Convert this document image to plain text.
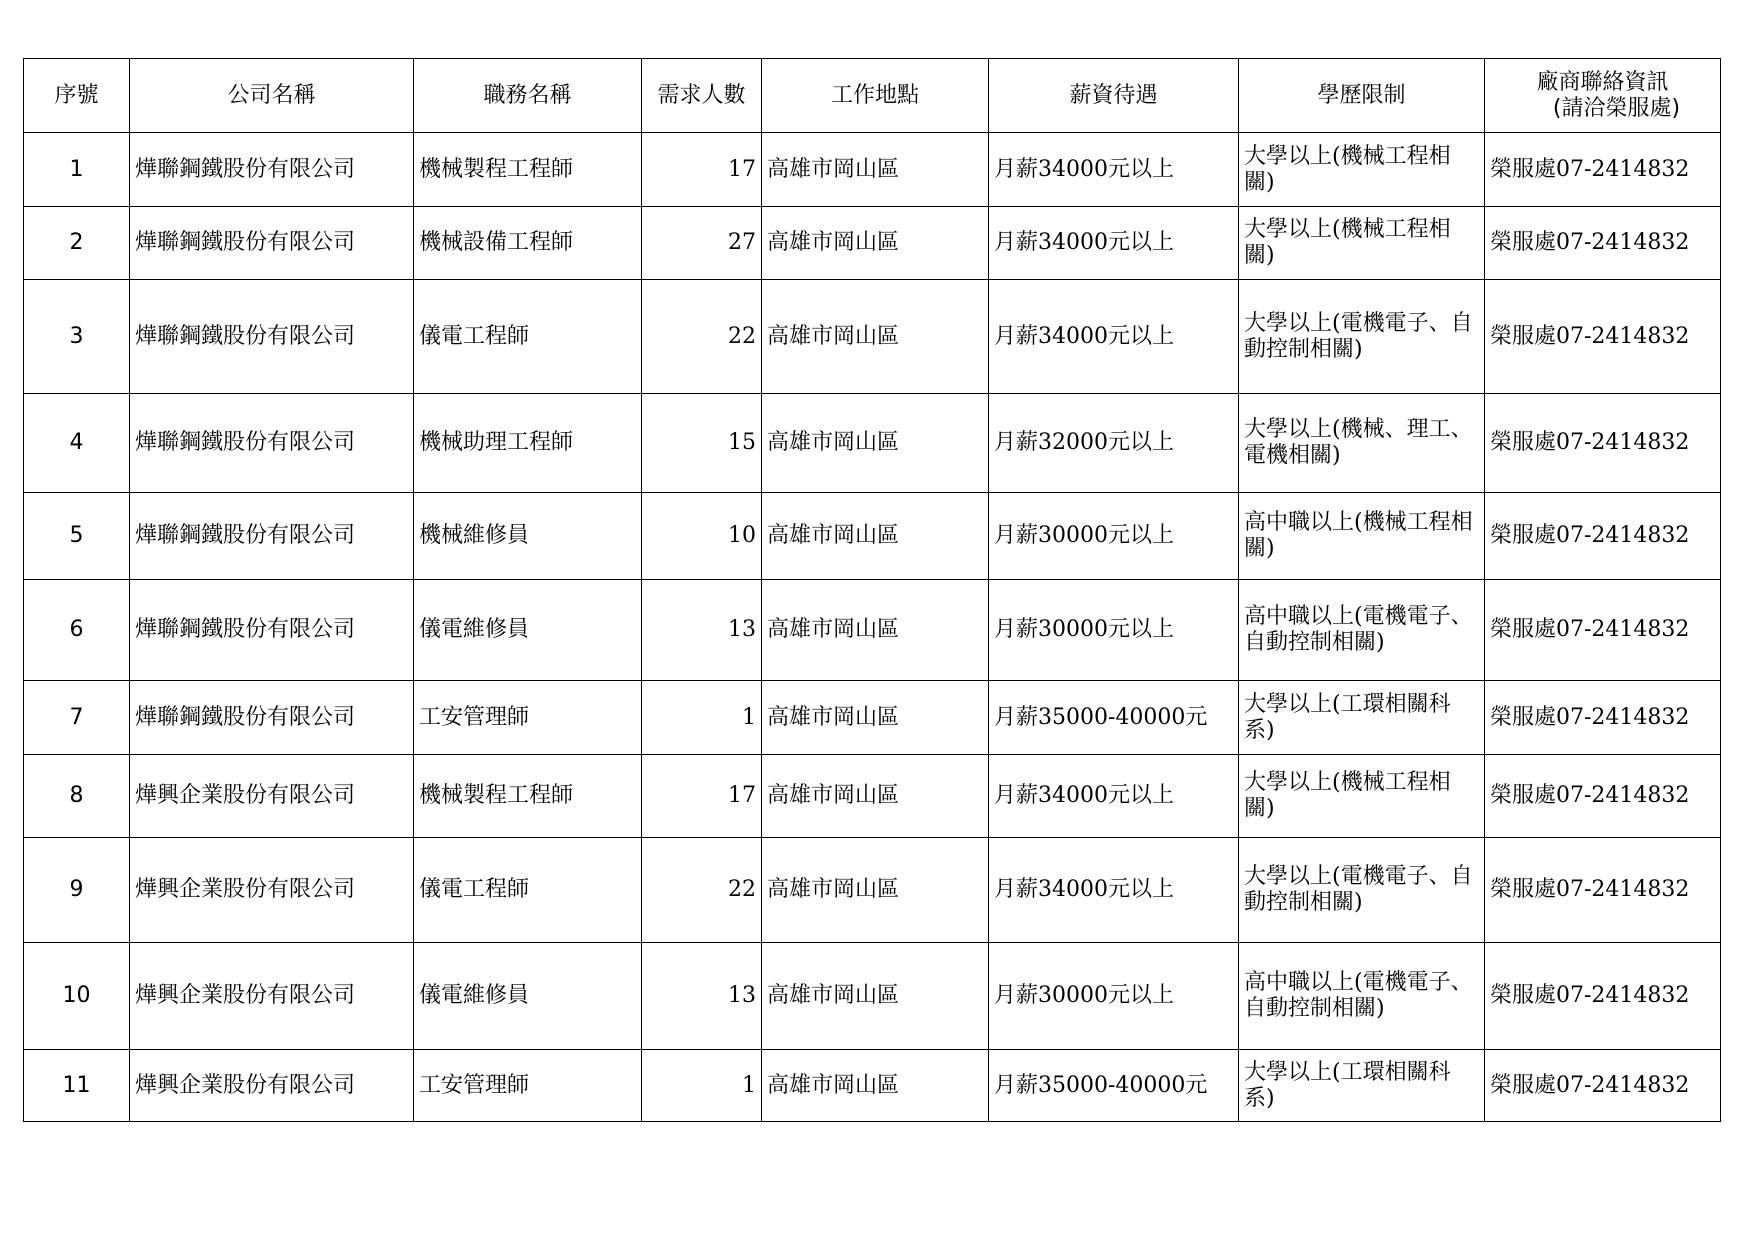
序號	公司名稱	職務名稱	需求人數	工作地點	薪資待遇	學歷限制	廠商聯絡資訊
(請洽榮服處)

1	燁聯鋼鐵股份有限公司	機械製程工程師	17	高雄市岡山區	月薪34000元以上	大學以上(機械工程相關)	榮服處07-2414832
2	燁聯鋼鐵股份有限公司	機械設備工程師	27	高雄市岡山區	月薪34000元以上	大學以上(機械工程相關)	榮服處07-2414832
3	燁聯鋼鐵股份有限公司	儀電工程師	22	高雄市岡山區	月薪34000元以上	大學以上(電機電子、自動控制相關)	榮服處07-2414832
4	燁聯鋼鐵股份有限公司	機械助理工程師	15	高雄市岡山區	月薪32000元以上	大學以上(機械、理工、電機相關)	榮服處07-2414832
5	燁聯鋼鐵股份有限公司	機械維修員	10	高雄市岡山區	月薪30000元以上	高中職以上(機械工程相關)	榮服處07-2414832
6	燁聯鋼鐵股份有限公司	儀電維修員	13	高雄市岡山區	月薪30000元以上	高中職以上(電機電子、自動控制相關)	榮服處07-2414832
7	燁聯鋼鐵股份有限公司	工安管理師	1	高雄市岡山區	月薪35000-40000元	大學以上(工環相關科系)	榮服處07-2414832
8	燁興企業股份有限公司	機械製程工程師	17	高雄市岡山區	月薪34000元以上	大學以上(機械工程相關)	榮服處07-2414832
9	燁興企業股份有限公司	儀電工程師	22	高雄市岡山區	月薪34000元以上	大學以上(電機電子、自動控制相關)	榮服處07-2414832
10	燁興企業股份有限公司	儀電維修員	13	高雄市岡山區	月薪30000元以上	高中職以上(電機電子、自動控制相關)	榮服處07-2414832
11	燁興企業股份有限公司	工安管理師	1	高雄市岡山區	月薪35000-40000元	大學以上(工環相關科系)	榮服處07-2414832
